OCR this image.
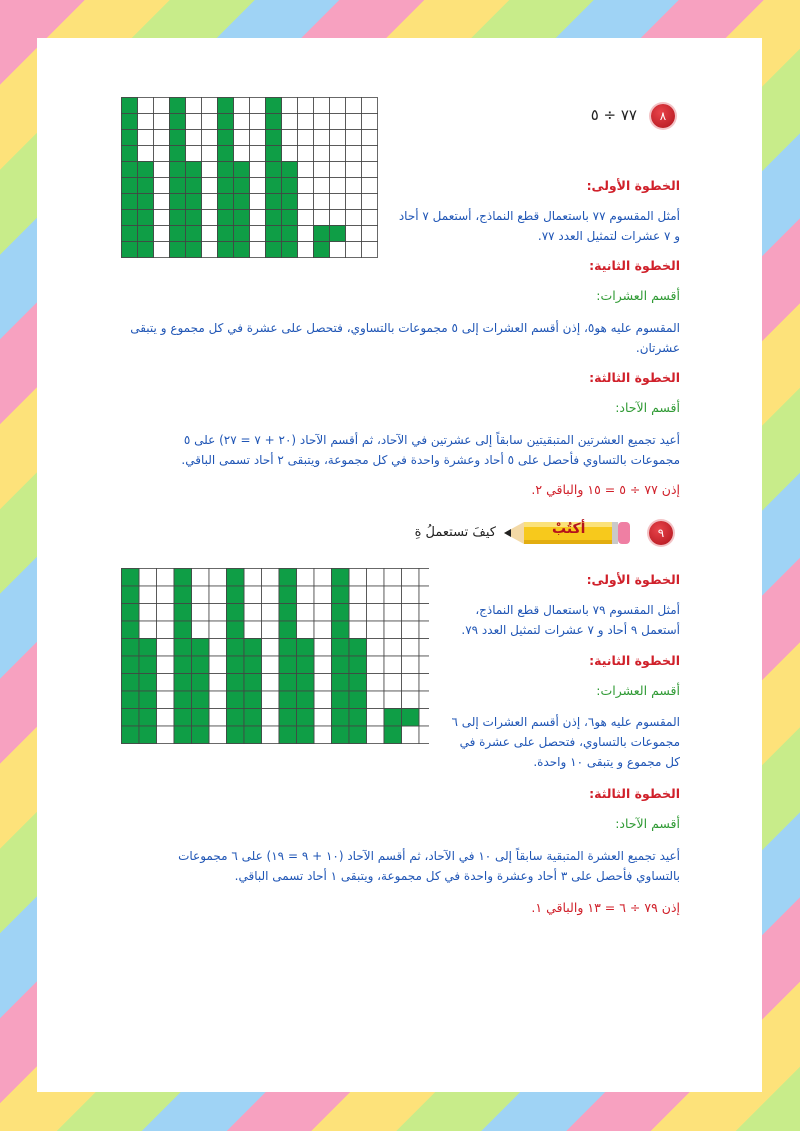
٨
٧٧ ÷ ٥
الخطوة الأولى:
أمثل المقسوم ٧٧ باستعمال قطع النماذج، أستعمل ٧ أحاد
و ٧ عشرات لتمثيل العدد ٧٧.
الخطوة الثانية:
أقسم العشرات:
المقسوم عليه هو٥، إذن أقسم العشرات إلى ٥ مجموعات بالتساوي، فتحصل على عشرة في كل مجموع و يتبقى
عشرتان.
الخطوة الثالثة:
أقسم الآحاد:
أعيد تجميع العشرتين المتبقيتين سابقاً إلى عشرتين في الآحاد، ثم أقسم الآحاد (٢٠ + ٧ = ٢٧) على ٥
مجموعات بالتساوي فأحصل على ٥ أحاد وعشرة واحدة في كل مجموعة، ويتبقى ٢ أحاد تسمى الباقي.
إذن ٧٧ ÷ ٥ = ١٥ والباقي ٢.
٩
أكتُبْ
كيفَ تستعملُ ةِ
الخطوة الأولى:
أمثل المقسوم ٧٩ باستعمال قطع النماذج،
أستعمل ٩ أحاد و ٧ عشرات لتمثيل العدد ٧٩.
الخطوة الثانية:
أقسم العشرات:
المقسوم عليه هو٦، إذن أقسم العشرات إلى ٦
مجموعات بالتساوي، فتحصل على عشرة في
كل مجموع و يتبقى ١٠ واحدة.
الخطوة الثالثة:
أقسم الآحاد:
أعيد تجميع العشرة المتبقية سابقاً إلى ١٠ في الآحاد، ثم أقسم الآحاد (١٠ + ٩ = ١٩) على ٦ مجموعات
بالتساوي فأحصل على ٣ أحاد وعشرة واحدة في كل مجموعة، ويتبقى ١ أحاد تسمى الباقي.
إذن ٧٩ ÷ ٦ = ١٣ والباقي ١.
